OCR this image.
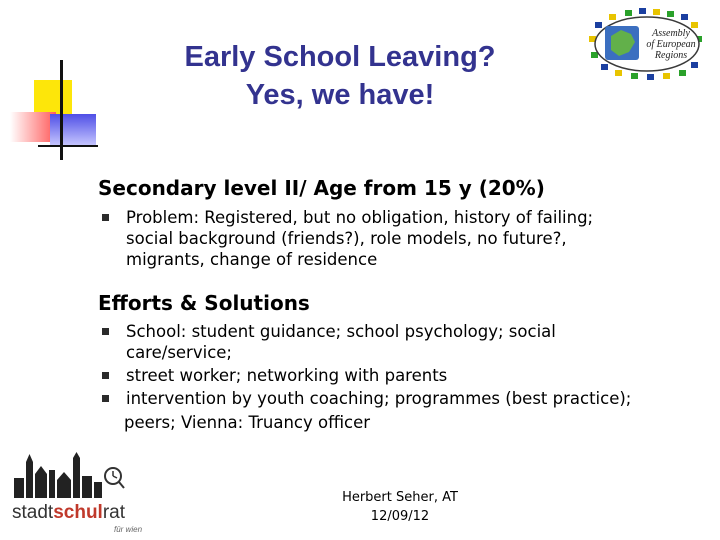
Early School Leaving?
Yes, we have!
Assembly
of European
Regions
Secondary level II/ Age from 15 y (20%)
Problem: Registered, but no obligation, history of failing;
social background (friends?), role models, no future?,
migrants, change of residence
Efforts & Solutions
School: student guidance; school psychology; social
care/service;
street worker; networking with parents
intervention by youth coaching; programmes (best practice);
peers; Vienna: Truancy officer
stadtschulrat
für wien
Herbert Seher, AT
12/09/12
